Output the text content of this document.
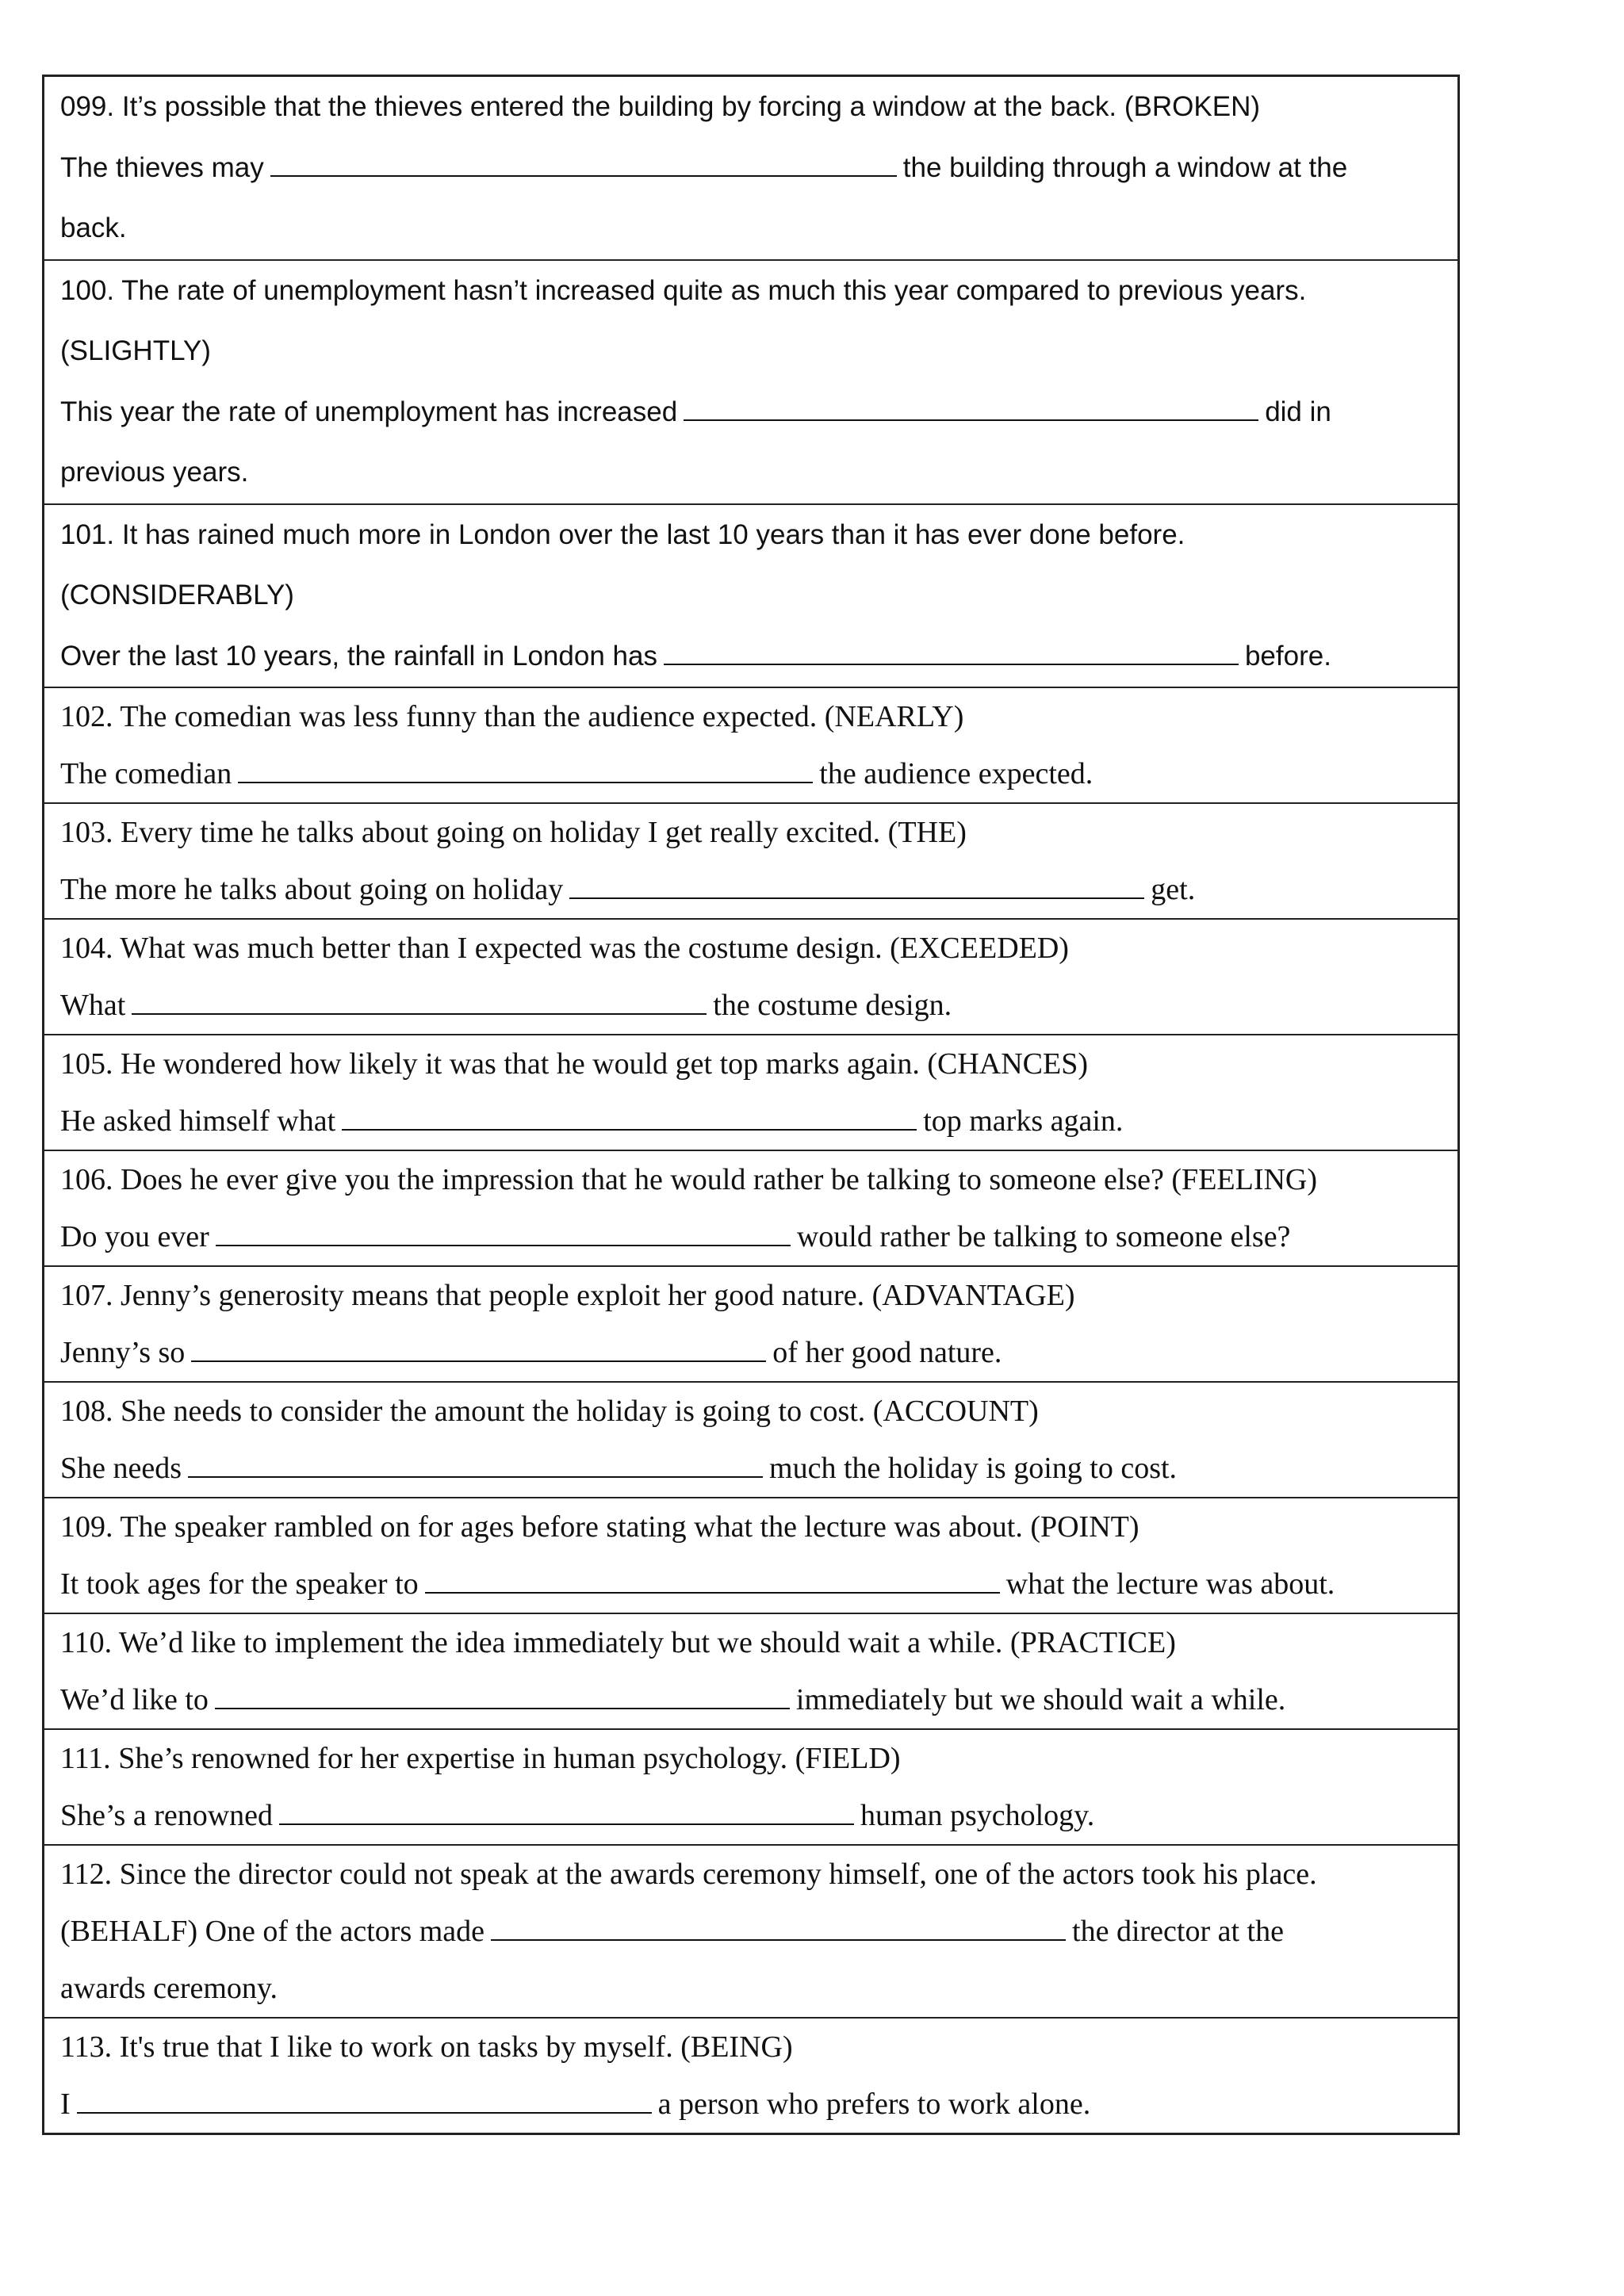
099. It’s possible that the thieves entered the building by forcing a window at the back. (BROKEN)
The thieves may	the building through a window at the
back.
100. The rate of unemployment hasn’t increased quite as much this year compared to previous years.
(SLIGHTLY)
This year the rate of unemployment has increased	did in
previous years.
101. It has rained much more in London over the last 10 years than it has ever done before.
(CONSIDERABLY)
Over the last 10 years, the rainfall in London has	before.
102. The comedian was less funny than the audience expected. (NEARLY)
The comedian	the audience expected.
103. Every time he talks about going on holiday I get really excited. (THE)
The more he talks about going on holiday	get.
104. What was much better than I expected was the costume design. (EXCEEDED)
What	the costume design.
105. He wondered how likely it was that he would get top marks again. (CHANCES)
He asked himself what	top marks again.
106. Does he ever give you the impression that he would rather be talking to someone else? (FEELING)
Do you ever	would rather be talking to someone else?
107. Jenny’s generosity means that people exploit her good nature. (ADVANTAGE)
Jenny’s so	of her good nature.
108. She needs to consider the amount the holiday is going to cost. (ACCOUNT)
She needs	much the holiday is going to cost.
109. The speaker rambled on for ages before stating what the lecture was about. (POINT)
It took ages for the speaker to	what the lecture was about.
110. We’d like to implement the idea immediately but we should wait a while. (PRACTICE)
We’d like to	immediately but we should wait a while.
111. She’s renowned for her expertise in human psychology. (FIELD)
She’s a renowned	human psychology.
112. Since the director could not speak at the awards ceremony himself, one of the actors took his place.
(BEHALF) One of the actors made	the director at the
awards ceremony.
113. It's true that I like to work on tasks by myself. (BEING)
I	a person who prefers to work alone.
